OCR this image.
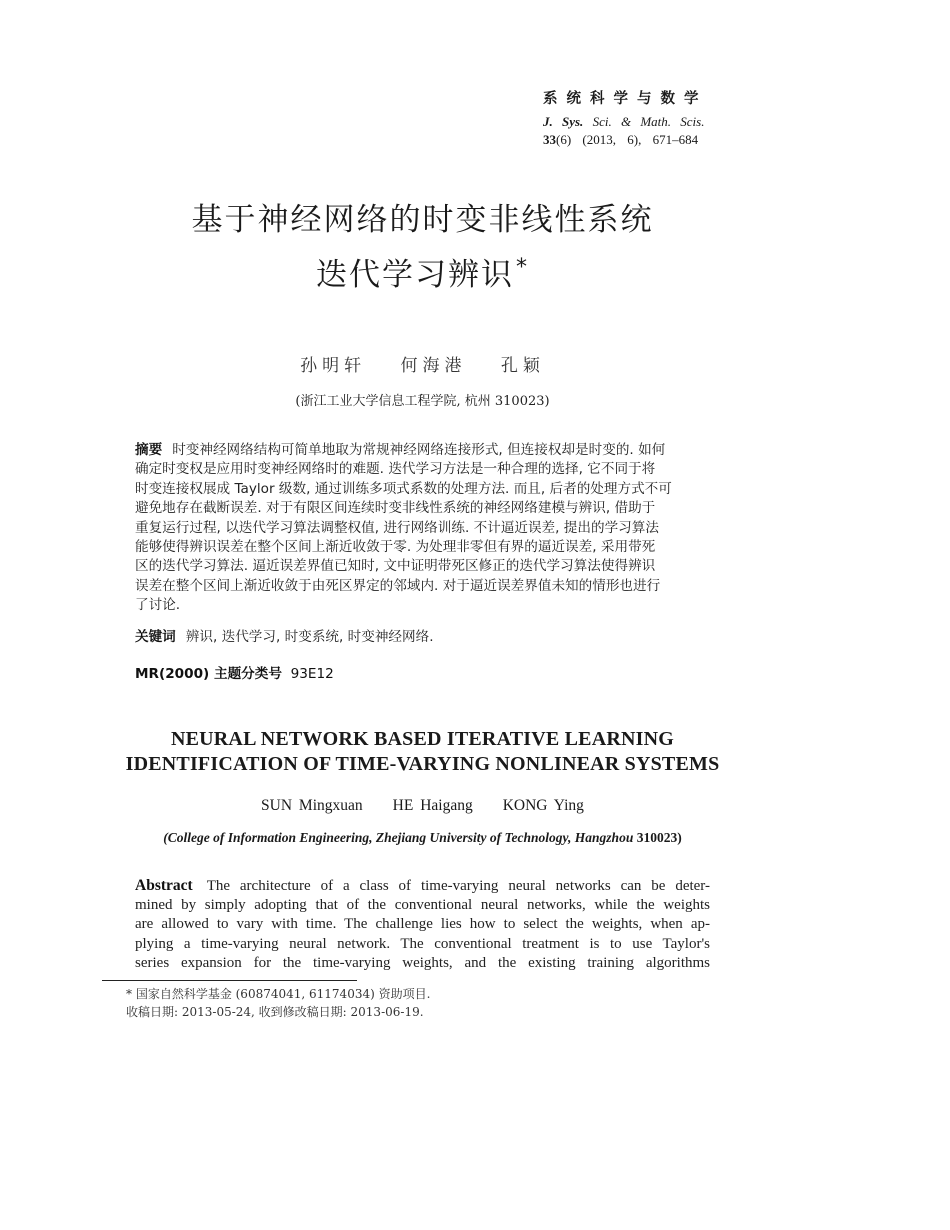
系统科学与数学
J. Sys. Sci. & Math. Scis.
33(6) (2013, 6), 671–684
基于神经网络的时变非线性系统
迭代学习辨识*
孙明轩 何海港 孔颖
(浙江工业大学信息工程学院, 杭州 310023)
摘要 时变神经网络结构可简单地取为常规神经网络连接形式, 但连接权却是时变的. 如何
确定时变权是应用时变神经网络时的难题. 迭代学习方法是一种合理的选择, 它不同于将
时变连接权展成 Taylor 级数, 通过训练多项式系数的处理方法. 而且, 后者的处理方式不可
避免地存在截断误差. 对于有限区间连续时变非线性系统的神经网络建模与辨识, 借助于
重复运行过程, 以迭代学习算法调整权值, 进行网络训练. 不计逼近误差, 提出的学习算法
能够使得辨识误差在整个区间上渐近收敛于零. 为处理非零但有界的逼近误差, 采用带死
区的迭代学习算法. 逼近误差界值已知时, 文中证明带死区修正的迭代学习算法使得辨识
误差在整个区间上渐近收敛于由死区界定的邻域内. 对于逼近误差界值未知的情形也进行
了讨论.
关键词 辨识, 迭代学习, 时变系统, 时变神经网络.
MR(2000) 主题分类号 93E12
NEURAL NETWORK BASED ITERATIVE LEARNING
IDENTIFICATION OF TIME-VARYING NONLINEAR SYSTEMS
SUN Mingxuan HE Haigang KONG Ying
(College of Information Engineering, Zhejiang University of Technology, Hangzhou 310023)
Abstract The architecture of a class of time-varying neural networks can be deter-
mined by simply adopting that of the conventional neural networks, while the weights
are allowed to vary with time. The challenge lies how to select the weights, when ap-
plying a time-varying neural network. The conventional treatment is to use Taylor's
series expansion for the time-varying weights, and the existing training algorithms
* 国家自然科学基金 (60874041, 61174034) 资助项目.
收稿日期: 2013-05-24, 收到修改稿日期: 2013-06-19.
